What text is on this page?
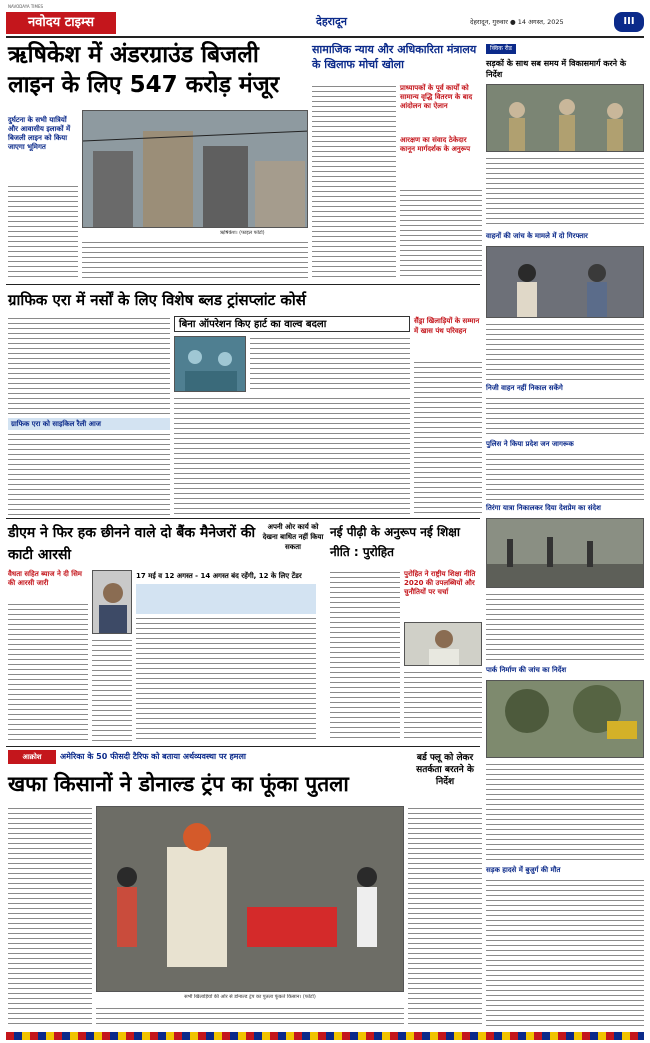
NAVODAYA TIMES
नवोदय टाइम्स	देहरादून	देहरादून, गुरुवार ● 14 अगस्त, 2025	III
ऋषिकेश में अंडरग्राउंड बिजली लाइन के लिए 547 करोड़ मंजूर
दुर्घटना के सभी यात्रियों और आवासीय इलाकों में बिजली लाइन को किया जाएगा भूमिगत
ऋषिकेश। (फाइल फोटो)
सामाजिक न्याय और अधिकारिता मंत्रालय के खिलाफ मोर्चा खोला
प्राध्यापकों के पूर्व कार्यों को सामान्य वृद्धि वितरण के बाद आंदोलन का ऐलान
आरक्षण का संवाद ठेकेदार कानून मार्गदर्शक के अनुरूप
क्विक रीड
सड़कों के साथ सब समय में विकासमार्ग करने के निर्देश
वाहनों की जांच के मामले में दो गिरफ्तार
निजी वाहन नहीं निकाल सकेंगे
पुलिस ने किया प्रदेश जन जागरूक
तिरंगा यात्रा निकालकर दिया देशप्रेम का संदेश
पार्क निर्माण की जांच का निर्देश
सड़क हादसे में बुजुर्ग की मौत
ग्राफिक एरा में नर्सों के लिए विशेष ब्लड ट्रांसप्लांट कोर्स
ग्राफिक एरा को साइकिल रैली आज
बिना ऑपरेशन किए हार्ट का वाल्व बदला	सैंड्रा खिलाड़ियों के सम्मान में खास पंथ परिवहन
डीएम ने फिर हक छीनने वाले दो बैंक मैनेजरों की काटी आरसी
वैधता सहित ब्याज ने दी सिम की आरसी जारी
17 मई व 12 अगस्त - 14 अगस्त बंद रहेंगी, 12 के लिए टेंडर
अपनी ओर कार्य को देखना बाधित नहीं किया सकता
नई पीढ़ी के अनुरूप नई शिक्षा नीति : पुरोहित
पुरोहित ने राष्ट्रीय शिक्षा नीति 2020 की उपलब्धियों और चुनौतियों पर चर्चा
आक्रोश	अमेरिका के 50 फीसदी टैरिफ को बताया अर्थव्यवस्था पर हमला
खफा किसानों ने डोनाल्ड ट्रंप का फूंका पुतला
सभी खिलाड़ियों की ओर से डोनाल्ड ट्रंप का पुतला फूंकते किसान। (फोटो)
बर्ड फ्लू को लेकर सतर्कता बरतने के निर्देश
